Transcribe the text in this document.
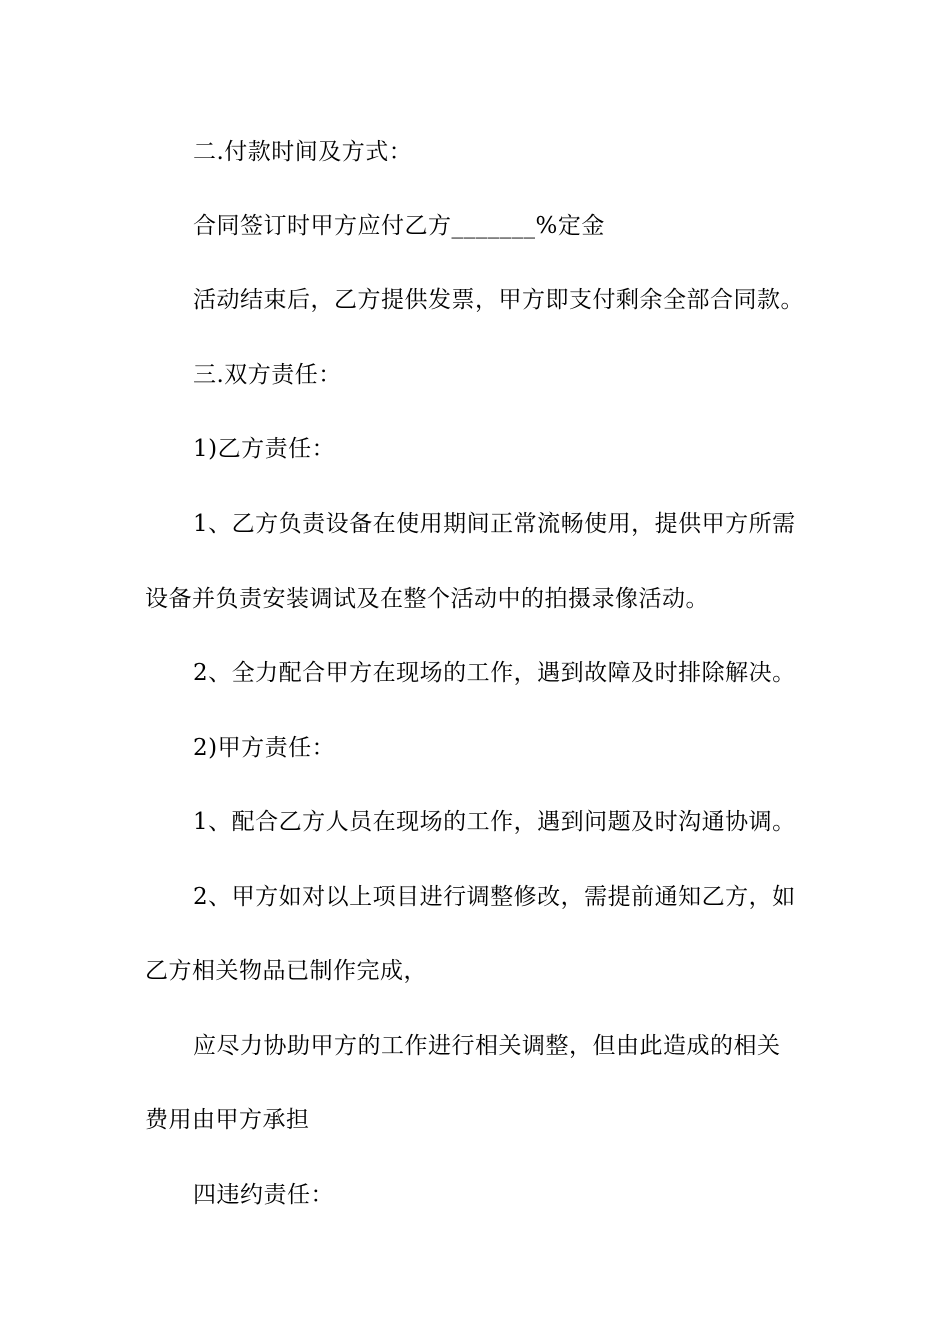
二.付款时间及方式：
合同签订时甲方应付乙方_______%定金
活动结束后，乙方提供发票，甲方即支付剩余全部合同款。
三.双方责任：
1)乙方责任：
1、乙方负责设备在使用期间正常流畅使用，提供甲方所需
设备并负责安装调试及在整个活动中的拍摄录像活动。
2、全力配合甲方在现场的工作，遇到故障及时排除解决。
2)甲方责任：
1、配合乙方人员在现场的工作，遇到问题及时沟通协调。
2、甲方如对以上项目进行调整修改，需提前通知乙方，如
乙方相关物品已制作完成，
应尽力协助甲方的工作进行相关调整，但由此造成的相关
费用由甲方承担
四违约责任：
